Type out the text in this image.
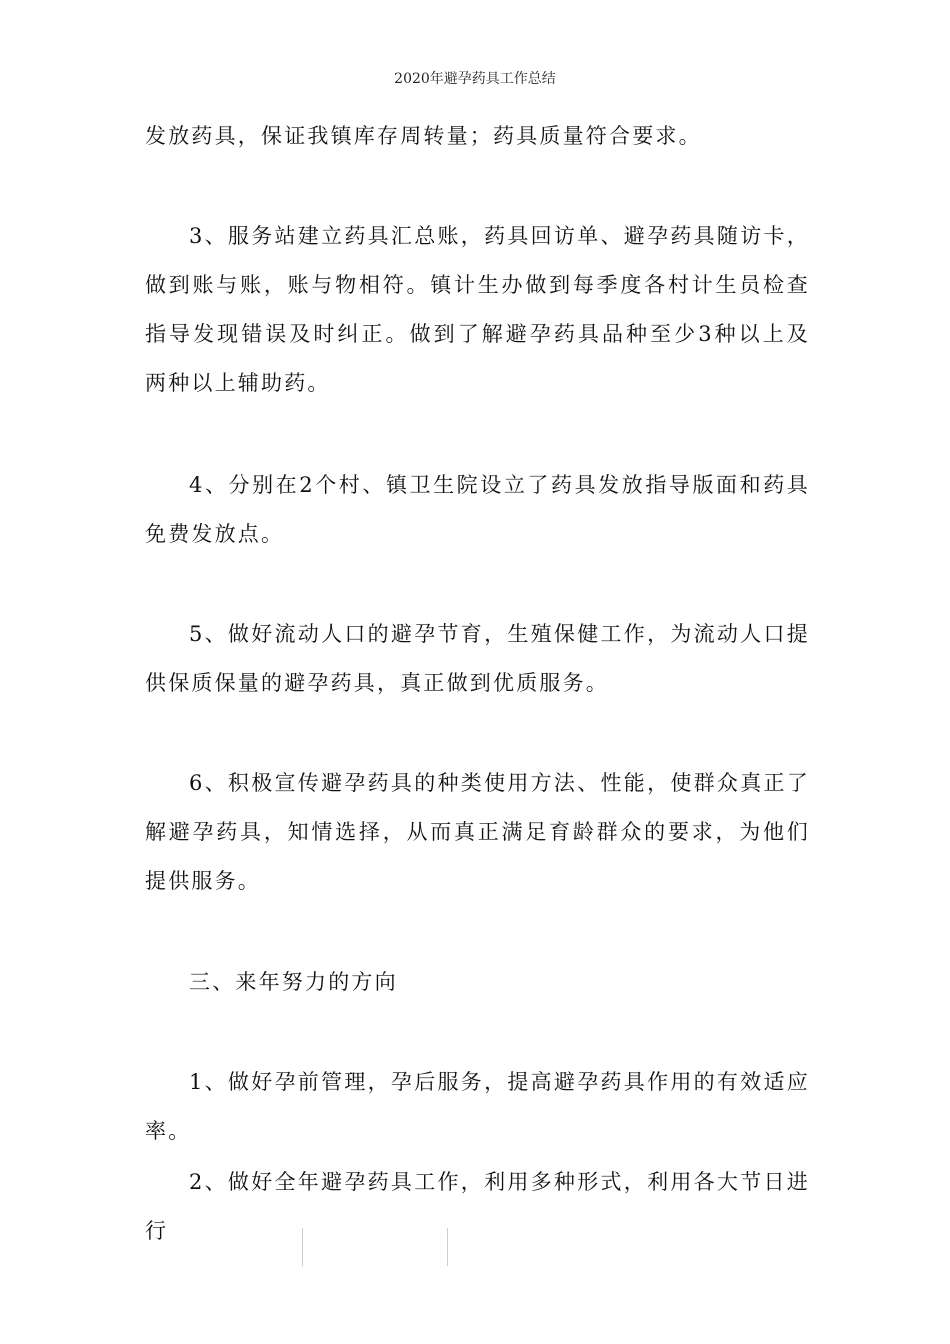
2020年避孕药具工作总结

发放药具，保证我镇库存周转量；药具质量符合要求。

3、服务站建立药具汇总账，药具回访单、避孕药具随访卡，做到账与账，账与物相符。镇计生办做到每季度各村计生员检查指导发现错误及时纠正。做到了解避孕药具品种至少3种以上及两种以上辅助药。

4、分别在2个村、镇卫生院设立了药具发放指导版面和药具免费发放点。

5、做好流动人口的避孕节育，生殖保健工作，为流动人口提供保质保量的避孕药具，真正做到优质服务。

6、积极宣传避孕药具的种类使用方法、性能，使群众真正了解避孕药具，知情选择，从而真正满足育龄群众的要求，为他们提供服务。

三、来年努力的方向

1、做好孕前管理，孕后服务，提高避孕药具作用的有效适应率。

2、做好全年避孕药具工作，利用多种形式，利用各大节日进行
